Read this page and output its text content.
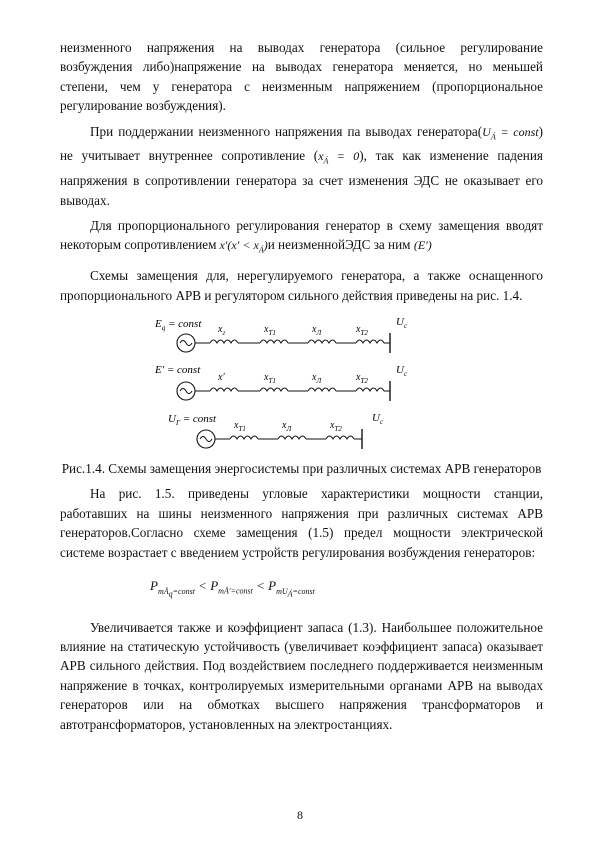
неизменного напряжения на выводах генератора (сильное регулирование возбуждения либо)напряжение на выводах генератора меняется, но меньшей степени, чем у генератора с неизменным напряжением (пропорциональное регулирование возбуждения).

При поддержании неизменного напряжения па выводах $генератора(U_Á$ = const) не учитывает внутреннее сопротивление $(x_Á = 0)$, так как изменение падения напряжения в сопротивлении генератора за счет изменения ЭДС не оказывает его выводах.

Для пропорционального регулирования генератор в схему замещения вводят некоторым сопротивлением $x'(x' < x_Á)и$ неизменнойЭДС за ним (E′)

Схемы замещения для, нерегулируемого генератора, а также оснащенного пропорционального АРВ и регулятором сильного действия приведены на рис. 1.4.

$E_q$ = const $x_г$	$x_{T1}$	$x_Л$	$x_{T2}$
$U_c$
E′ = const
x′	$x_{T1}$	$x_Л$	$x_{T2}$
$U_c$
$U_Г$ = const
$x_{T1}$	$x_Л$	$x_{T2}$
$U_c$

Рис.1.4. Схемы замещения энергосистемы при различных системах АРВ генераторов

На рис. 1.5. приведены угловые характеристики мощности станции, работавших на шины неизменного напряжения при различных системах АРВ генераторов.Согласно схеме замещения (1.5) предел мощности электрической системе возрастает с введением устройств регулирования возбуждения генераторов:

$P_{mÅ_q=const} < P_{mÅ'=const} < P_{mU_Á=const}$

Увеличивается также и коэффициент запаса (1.3). Наибольшее положительное влияние на статическую устойчивость (увеличивает коэффициент запаса) оказывает АРВ сильного действия. Под воздействием последнего поддерживается неизменным напряжение в точках, контролируемых измерительными органами АРВ на выводах генераторов или на обмотках высшего напряжения трансформаторов и автотрансформаторов, установленных на электростанциях.

8
